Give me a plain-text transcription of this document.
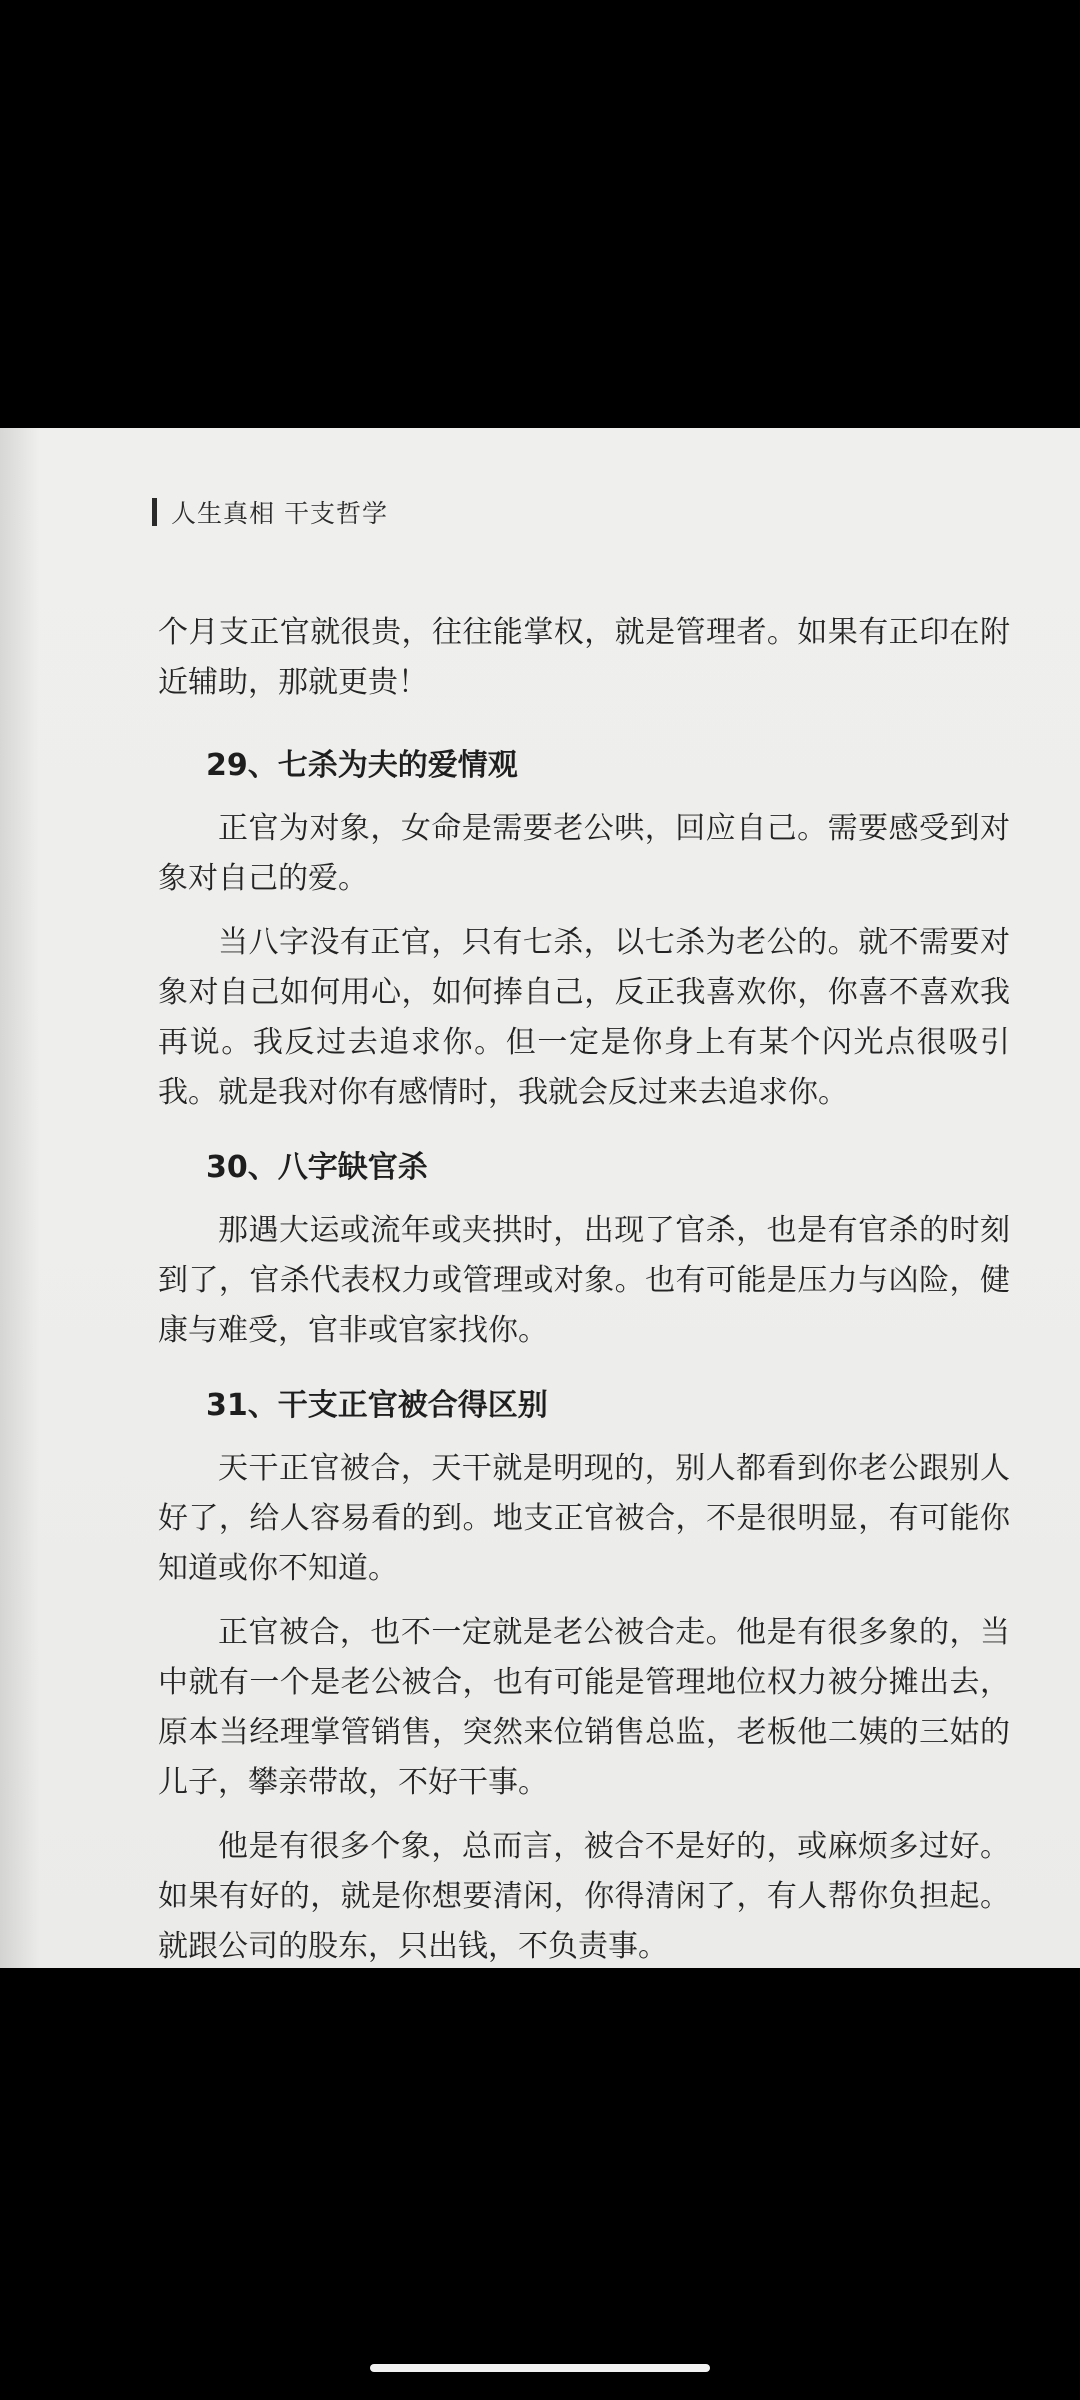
人生真相 干支哲学

个月支正官就很贵，往往能掌权，就是管理者。如果有正印在附近辅助，那就更贵！

29、七杀为夫的爱情观

正官为对象，女命是需要老公哄，回应自己。需要感受到对象对自己的爱。

当八字没有正官，只有七杀，以七杀为老公的。就不需要对象对自己如何用心，如何捧自己，反正我喜欢你，你喜不喜欢我再说。我反过去追求你。但一定是你身上有某个闪光点很吸引我。就是我对你有感情时，我就会反过来去追求你。

30、八字缺官杀

那遇大运或流年或夹拱时，出现了官杀，也是有官杀的时刻到了，官杀代表权力或管理或对象。也有可能是压力与凶险，健康与难受，官非或官家找你。

31、干支正官被合得区别

天干正官被合，天干就是明现的，别人都看到你老公跟别人好了，给人容易看的到。地支正官被合，不是很明显，有可能你知道或你不知道。

正官被合，也不一定就是老公被合走。他是有很多象的，当中就有一个是老公被合，也有可能是管理地位权力被分摊出去，原本当经理掌管销售，突然来位销售总监，老板他二姨的三姑的儿子，攀亲带故，不好干事。

他是有很多个象，总而言，被合不是好的，或麻烦多过好。如果有好的，就是你想要清闲，你得清闲了，有人帮你负担起。就跟公司的股东，只出钱，不负责事。
